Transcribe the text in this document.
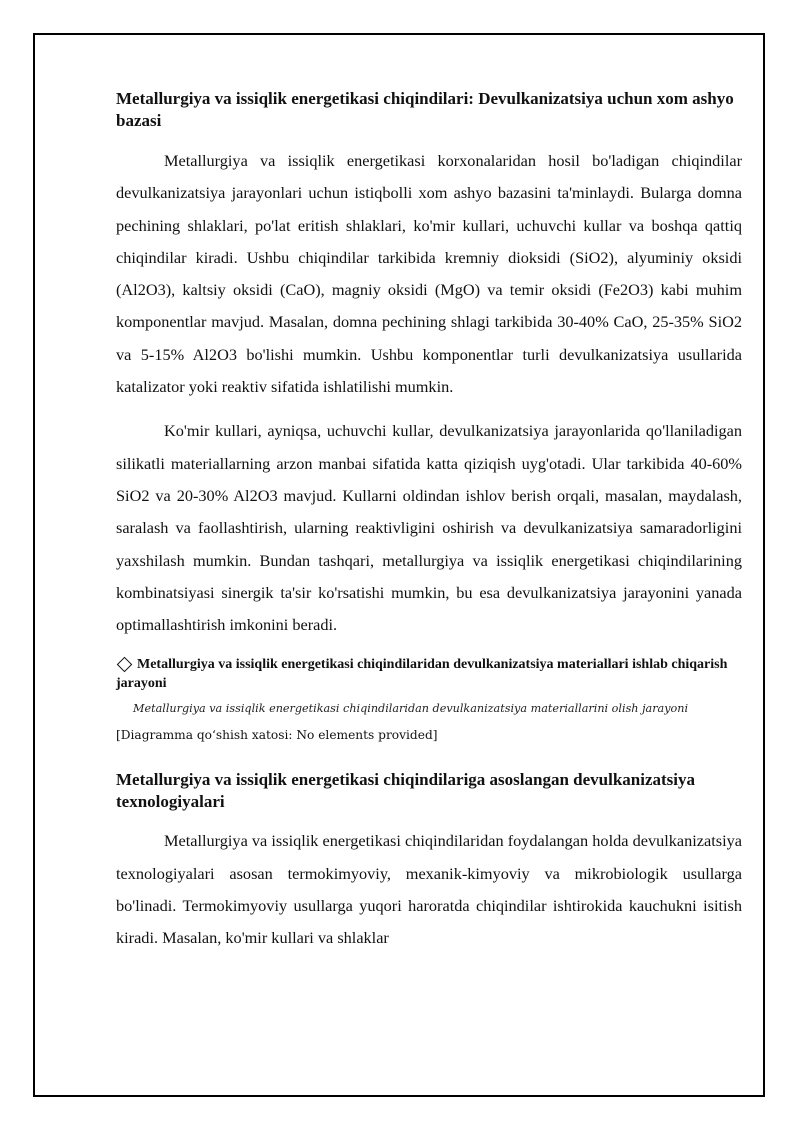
Metallurgiya va issiqlik energetikasi chiqindilari: Devulkanizatsiya uchun xom ashyo bazasi

Metallurgiya va issiqlik energetikasi korxonalaridan hosil bo'ladigan chiqindilar devulkanizatsiya jarayonlari uchun istiqbolli xom ashyo bazasini ta'minlaydi. Bularga domna pechining shlaklari, po'lat eritish shlaklari, ko'mir kullari, uchuvchi kullar va boshqa qattiq chiqindilar kiradi. Ushbu chiqindilar tarkibida kremniy dioksidi (SiO2), alyuminiy oksidi (Al2O3), kaltsiy oksidi (CaO), magniy oksidi (MgO) va temir oksidi (Fe2O3) kabi muhim komponentlar mavjud. Masalan, domna pechining shlagi tarkibida 30-40% CaO, 25-35% SiO2 va 5-15% Al2O3 bo'lishi mumkin. Ushbu komponentlar turli devulkanizatsiya usullarida katalizator yoki reaktiv sifatida ishlatilishi mumkin.

Ko'mir kullari, ayniqsa, uchuvchi kullar, devulkanizatsiya jarayonlarida qo'llaniladigan silikatli materiallarning arzon manbai sifatida katta qiziqish uyg'otadi. Ular tarkibida 40-60% SiO2 va 20-30% Al2O3 mavjud. Kullarni oldindan ishlov berish orqali, masalan, maydalash, saralash va faollashtirish, ularning reaktivligini oshirish va devulkanizatsiya samaradorligini yaxshilash mumkin. Bundan tashqari, metallurgiya va issiqlik energetikasi chiqindilarining kombinatsiyasi sinergik ta'sir ko'rsatishi mumkin, bu esa devulkanizatsiya jarayonini yanada optimallashtirish imkonini beradi.

Metallurgiya va issiqlik energetikasi chiqindilaridan devulkanizatsiya materiallari ishlab chiqarish jarayoni
Metallurgiya va issiqlik energetikasi chiqindilaridan devulkanizatsiya materiallarini olish jarayoni
[Diagramma qo‘shish xatosi: No elements provided]
Metallurgiya va issiqlik energetikasi chiqindilariga asoslangan devulkanizatsiya texnologiyalari

Metallurgiya va issiqlik energetikasi chiqindilaridan foydalangan holda devulkanizatsiya texnologiyalari asosan termokimyoviy, mexanik-kimyoviy va mikrobiologik usullarga bo'linadi. Termokimyoviy usullarga yuqori haroratda chiqindilar ishtirokida kauchukni isitish kiradi. Masalan, ko'mir kullari va shlaklar
